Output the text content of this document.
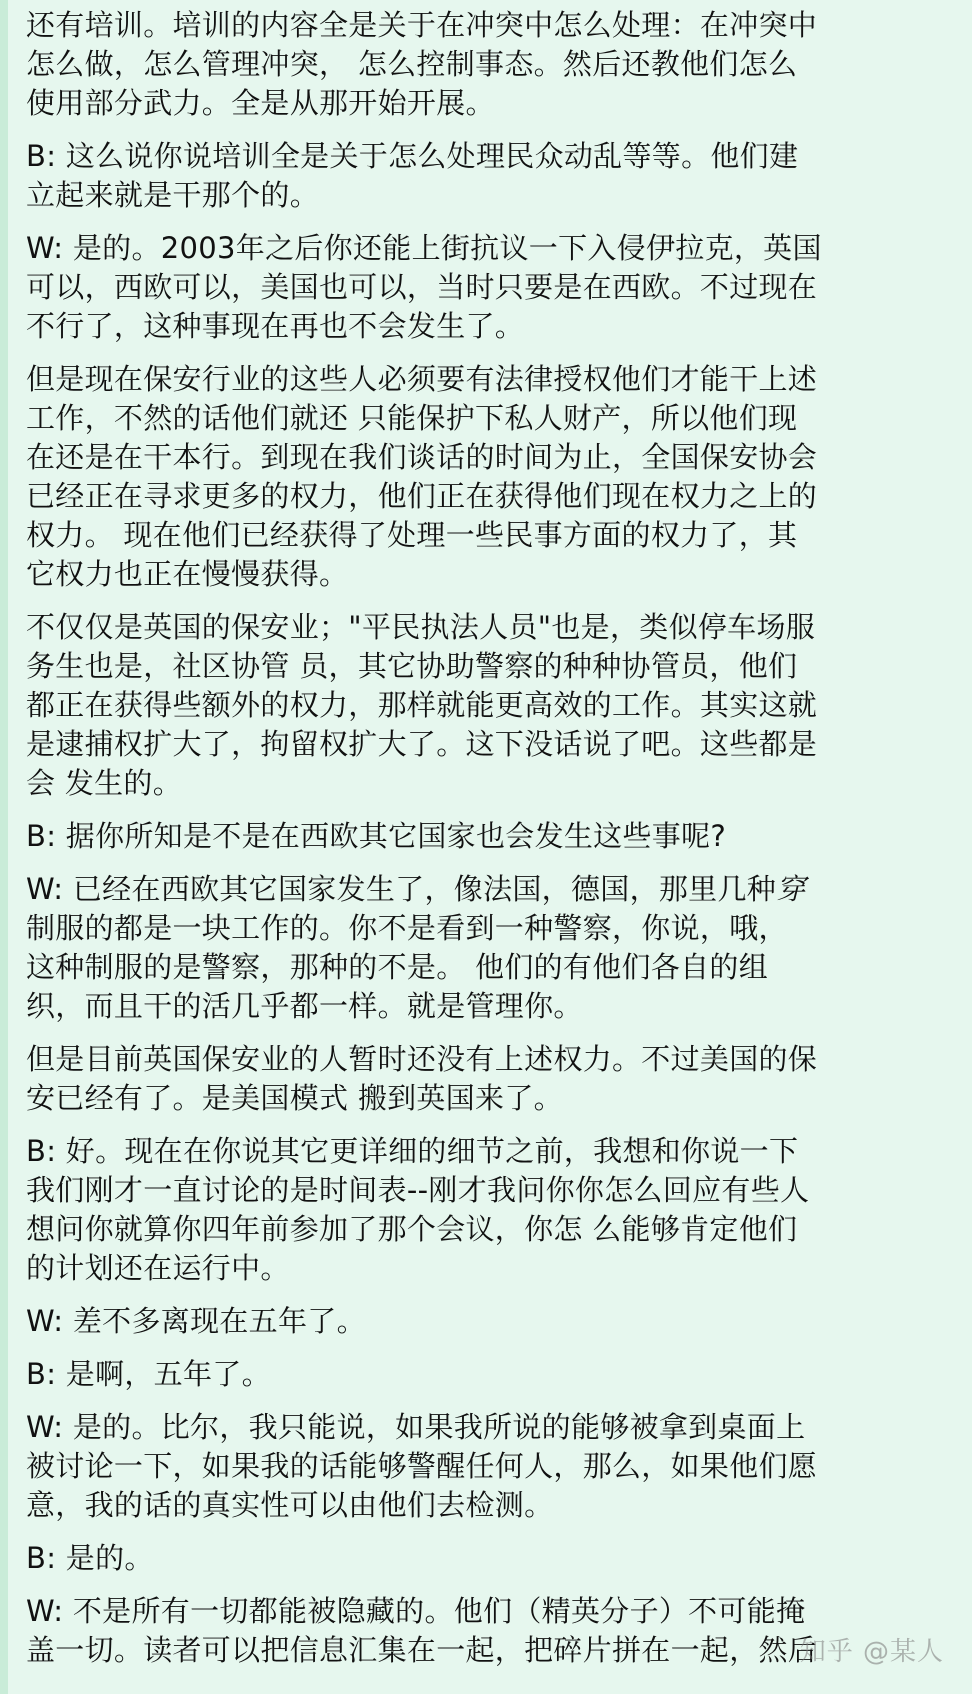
还有培训。培训的内容全是关于在冲突中怎么处理：在冲突中
怎么做，怎么管理冲突， 怎么控制事态。然后还教他们怎么
使用部分武力。全是从那开始开展。

B: 这么说你说培训全是关于怎么处理民众动乱等等。他们建
立起来就是干那个的。

W: 是的。2003年之后你还能上街抗议一下入侵伊拉克，英国
可以，西欧可以，美国也可以，当时只要是在西欧。不过现在
不行了，这种事现在再也不会发生了。

但是现在保安行业的这些人必须要有法律授权他们才能干上述
工作，不然的话他们就还 只能保护下私人财产，所以他们现
在还是在干本行。到现在我们谈话的时间为止，全国保安协会
已经正在寻求更多的权力，他们正在获得他们现在权力之上的
权力。 现在他们已经获得了处理一些民事方面的权力了，其
它权力也正在慢慢获得。

不仅仅是英国的保安业；"平民执法人员"也是，类似停车场服
务生也是，社区协管 员，其它协助警察的种种协管员，他们
都正在获得些额外的权力，那样就能更高效的工作。其实这就
是逮捕权扩大了，拘留权扩大了。这下没话说了吧。这些都是
会 发生的。

B: 据你所知是不是在西欧其它国家也会发生这些事呢?

W: 已经在西欧其它国家发生了，像法国，德国，那里几种穿
制服的都是一块工作的。你不是看到一种警察，你说，哦，
这种制服的是警察，那种的不是。 他们的有他们各自的组
织，而且干的活几乎都一样。就是管理你。

但是目前英国保安业的人暂时还没有上述权力。不过美国的保
安已经有了。是美国模式 搬到英国来了。

B: 好。现在在你说其它更详细的细节之前，我想和你说一下
我们刚才一直讨论的是时间表--刚才我问你你怎么回应有些人
想问你就算你四年前参加了那个会议，你怎 么能够肯定他们
的计划还在运行中。

W: 差不多离现在五年了。

B: 是啊，五年了。

W: 是的。比尔，我只能说，如果我所说的能够被拿到桌面上
被讨论一下，如果我的话能够警醒任何人，那么，如果他们愿
意，我的话的真实性可以由他们去检测。

B: 是的。

W: 不是所有一切都能被隐藏的。他们（精英分子）不可能掩
盖一切。读者可以把信息汇集在一起，把碎片拼在一起，然后

知乎 @某人
